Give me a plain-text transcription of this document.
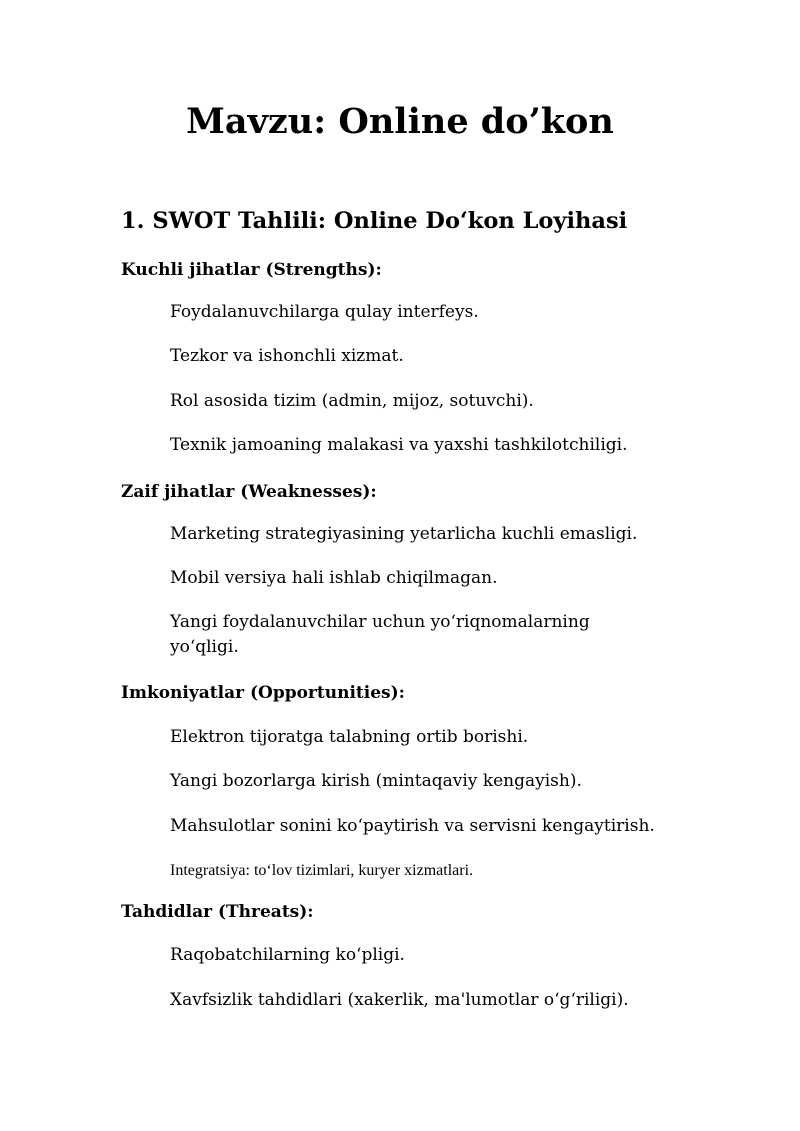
Mavzu: Online do’kon
1. SWOT Tahlili: Online Do‘kon Loyihasi
Kuchli jihatlar (Strengths):
Foydalanuvchilarga qulay interfeys.
Tezkor va ishonchli xizmat.
Rol asosida tizim (admin, mijoz, sotuvchi).
Texnik jamoaning malakasi va yaxshi tashkilotchiligi.
Zaif jihatlar (Weaknesses):
Marketing strategiyasining yetarlicha kuchli emasligi.
Mobil versiya hali ishlab chiqilmagan.
Yangi foydalanuvchilar uchun yo‘riqnomalarning yo‘qligi.
Imkoniyatlar (Opportunities):
Elektron tijoratga talabning ortib borishi.
Yangi bozorlarga kirish (mintaqaviy kengayish).
Mahsulotlar sonini ko‘paytirish va servisni kengaytirish.
Integratsiya: to‘lov tizimlari, kuryer xizmatlari.
Tahdidlar (Threats):
Raqobatchilarning ko‘pligi.
Xavfsizlik tahdidlari (xakerlik, ma'lumotlar o‘g‘riligi).
